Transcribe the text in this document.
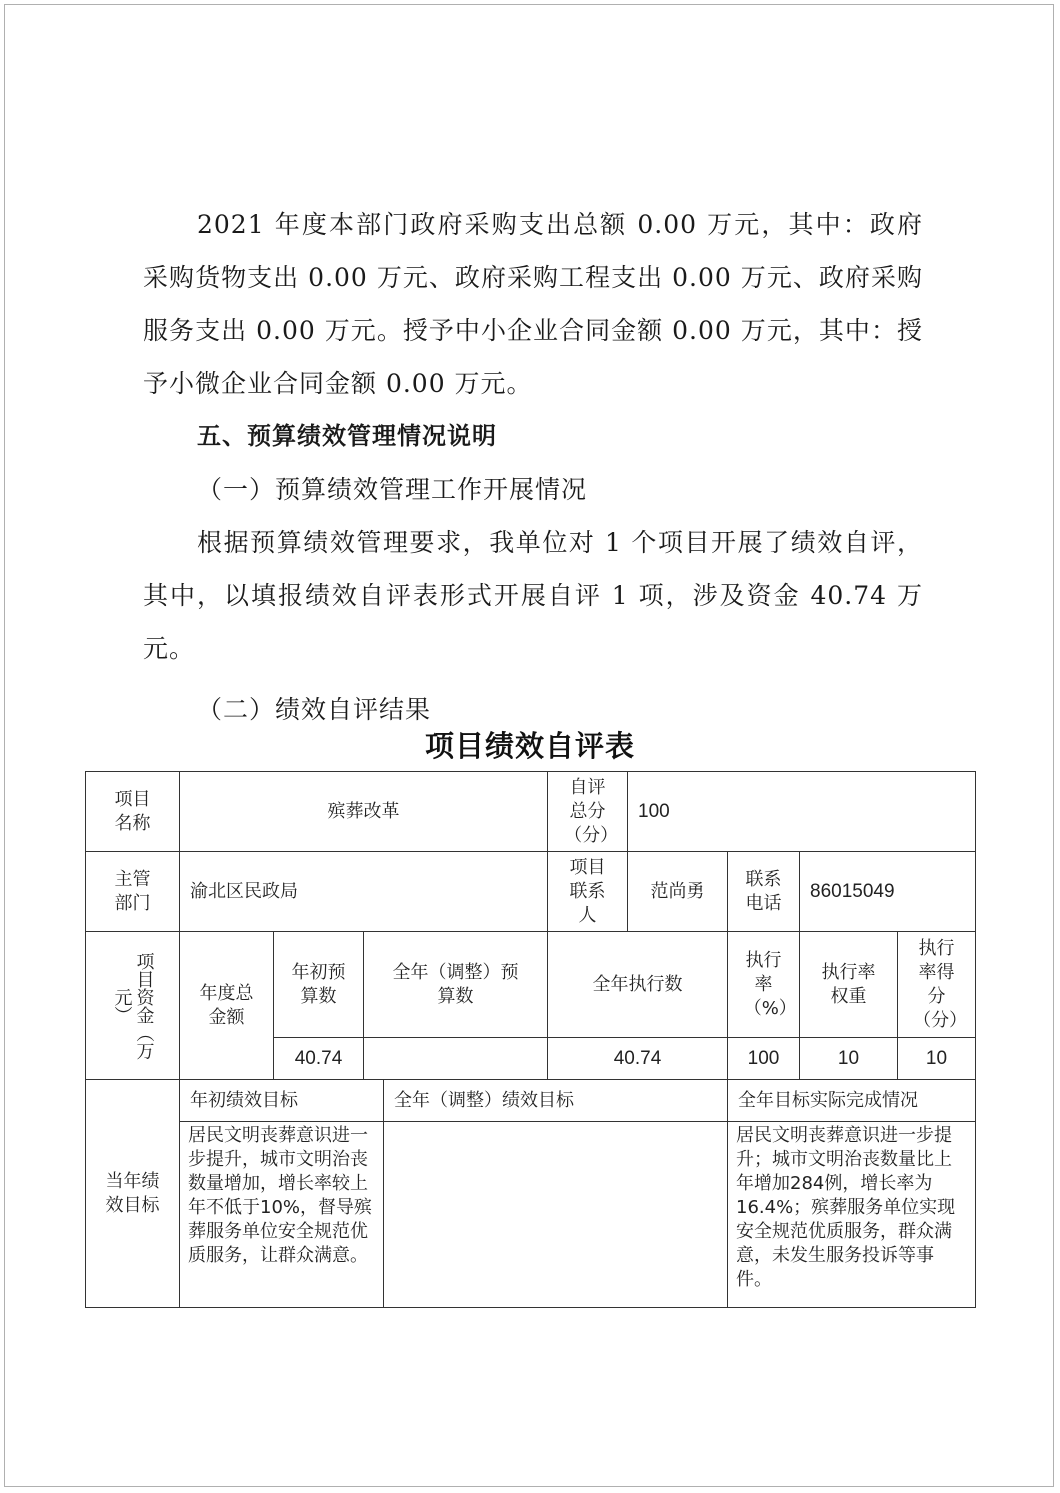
2021 年度本部门政府采购支出总额 0.00 万元，其中：政府采购货物支出 0.00 万元、政府采购工程支出 0.00 万元、政府采购服务支出 0.00 万元。授予中小企业合同金额 0.00 万元，其中：授予小微企业合同金额 0.00 万元。

五、预算绩效管理情况说明

（一）预算绩效管理工作开展情况

根据预算绩效管理要求，我单位对 1 个项目开展了绩效自评，其中，以填报绩效自评表形式开展自评 1 项，涉及资金 40.74 万元。

（二）绩效自评结果

项目绩效自评表
项目名称	殡葬改革				自评总分（分）	100			

主管部门	渝北区民政局				项目联系人	范尚勇	联系电话	86015049	

项目资金（万元）	年度总金额	年初预算数	全年（调整）预算数		全年执行数		执行率（%）	执行率权重	执行率得分（分）

		40.74			40.74		100	10	10

当年绩效目标	年初绩效目标			全年（调整）绩效目标			全年目标实际完成情况		
	居民文明丧葬意识进一步提升，城市文明治丧数量增加，增长率较上年不低于10%，督导殡葬服务单位安全规范优质服务，让群众满意。						居民文明丧葬意识进一步提升；城市文明治丧数量比上年增加284例，增长率为16.4%；殡葬服务单位实现安全规范优质服务，群众满意，未发生服务投诉等事件。		
